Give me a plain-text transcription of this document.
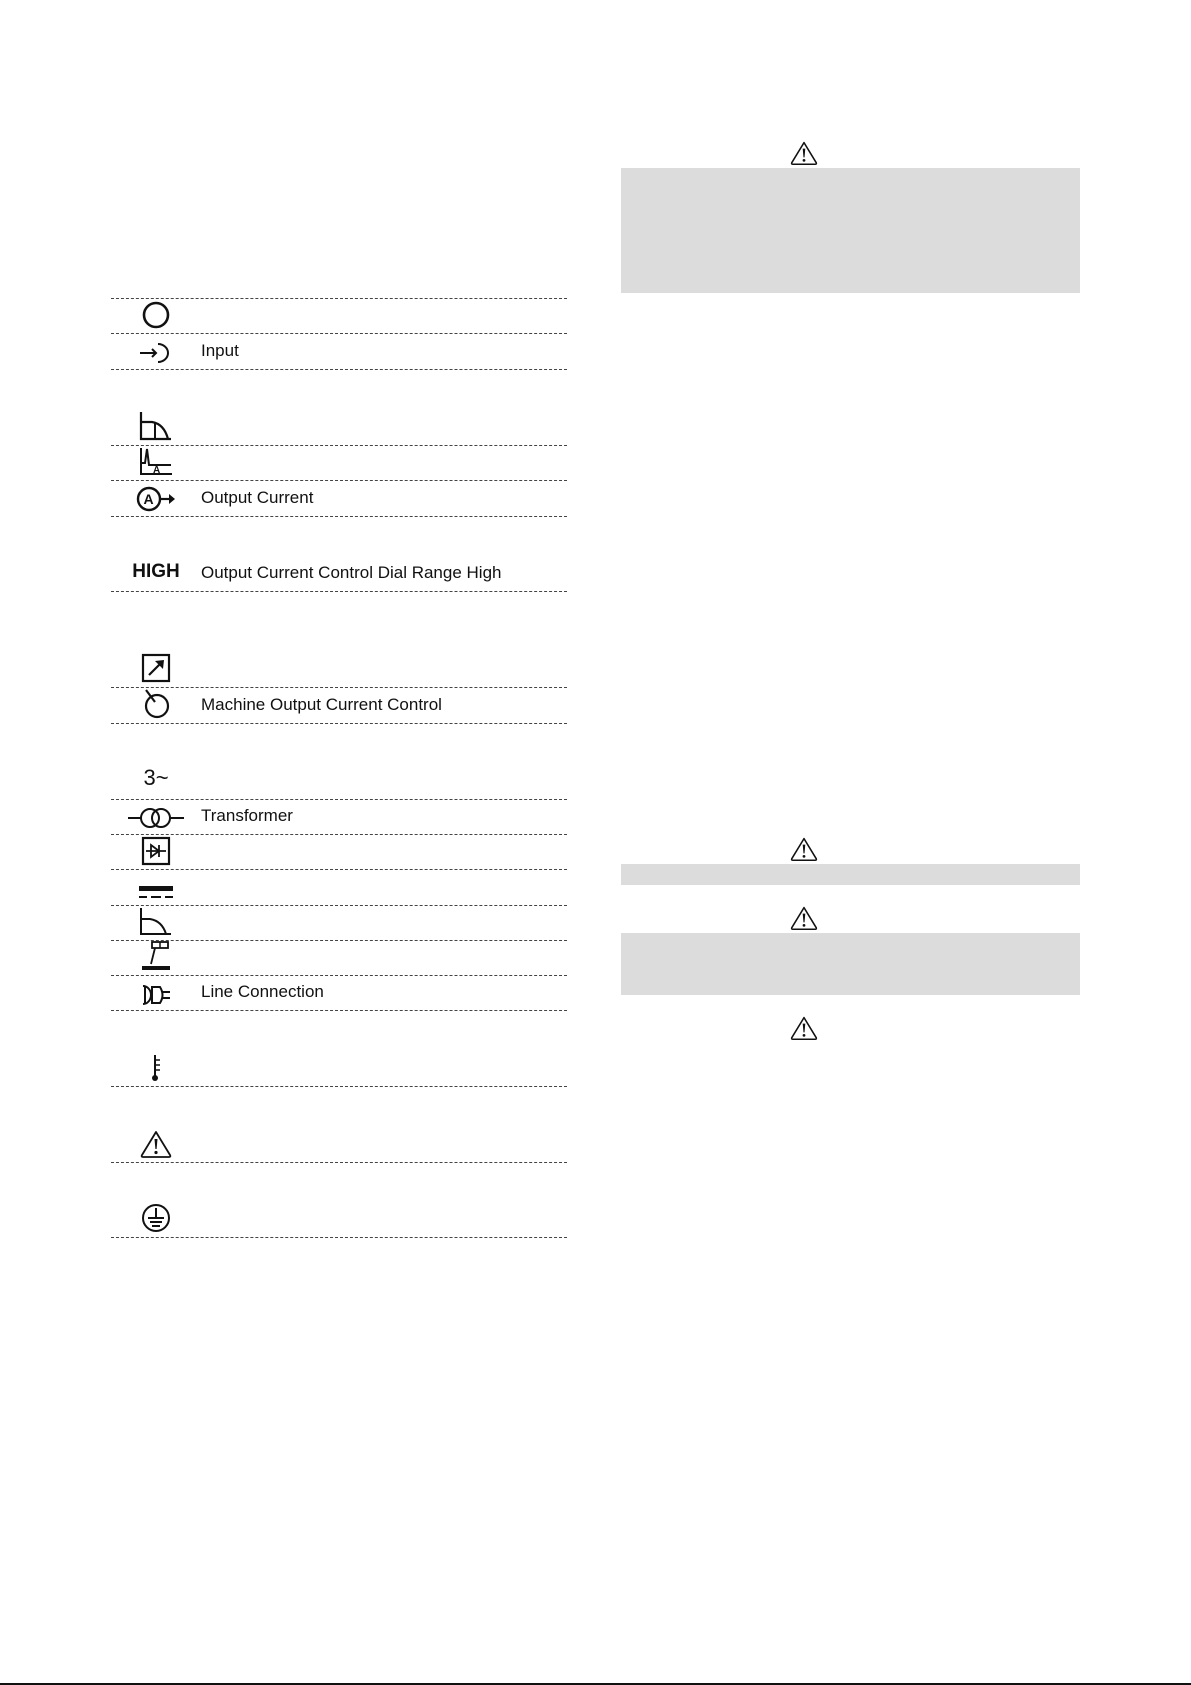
Input
A
A	Output Current
HIGH Output Current Control Dial Range High
Machine Output Current Control
3~
Transformer
Line Connection
